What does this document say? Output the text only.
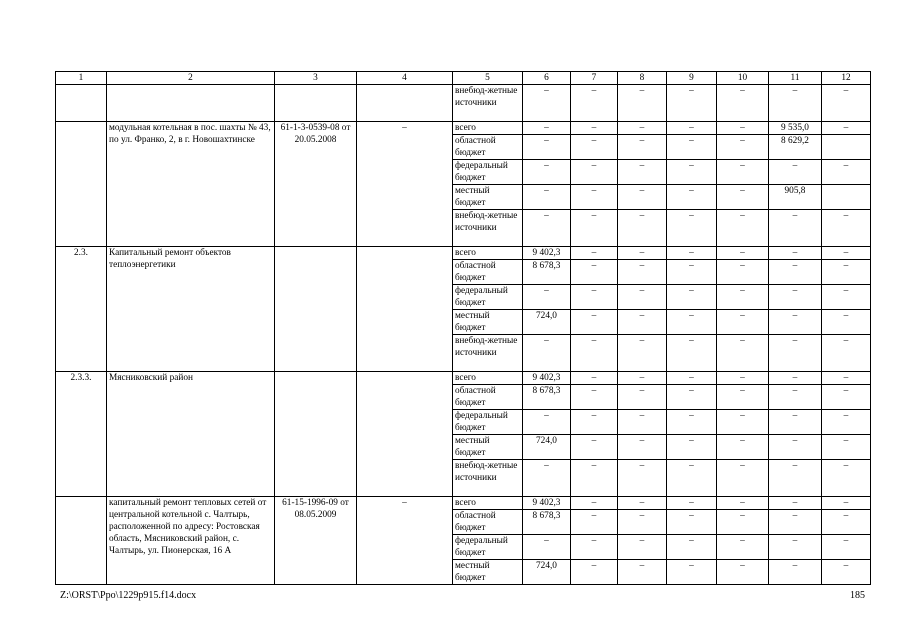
1	2	3	4	5	6	7	8	9	10	11	12
				внебюд-жетные источники	–	–	–	–	–	–	–
	модульная котельная в пос. шахты № 43, по ул. Франко, 2, в г. Новошахтинске	61-1-3-0539-08 от 20.05.2008	–	всего	–	–	–	–	–	9 535,0	–
				областной бюджет	–	–	–	–	–	8 629,2	
				федеральный бюджет	–	–	–	–	–	–	–
				местный бюджет	–	–	–	–	–	905,8	
				внебюд-жетные источники	–	–	–	–	–	–	–
2.3.	Капитальный ремонт объектов теплоэнергетики			всего	9 402,3	–	–	–	–	–	–
				областной бюджет	8 678,3	–	–	–	–	–	–
				федеральный бюджет	–	–	–	–	–	–	–
				местный бюджет	724,0	–	–	–	–	–	–
				внебюд-жетные источники	–	–	–	–	–	–	–
2.3.3.	Мясниковский район			всего	9 402,3	–	–	–	–	–	–
				областной бюджет	8 678,3	–	–	–	–	–	–
				федеральный бюджет	–	–	–	–	–	–	–
				местный бюджет	724,0	–	–	–	–	–	–
				внебюд-жетные источники	–	–	–	–	–	–	–
	капитальный ремонт тепловых сетей от центральной котельной с. Чалтырь, расположенной по адресу: Ростовская область, Мясниковский район, с. Чалтырь, ул. Пионерская, 16 А	61-15-1996-09 от 08.05.2009	–	всего	9 402,3	–	–	–	–	–	–
				областной бюджет	8 678,3	–	–	–	–	–	–
				федеральный бюджет	–	–	–	–	–	–	–
				местный бюджет	724,0	–	–	–	–	–	–
Z:\ORST\Ppo\1229p915.f14.docx	185
